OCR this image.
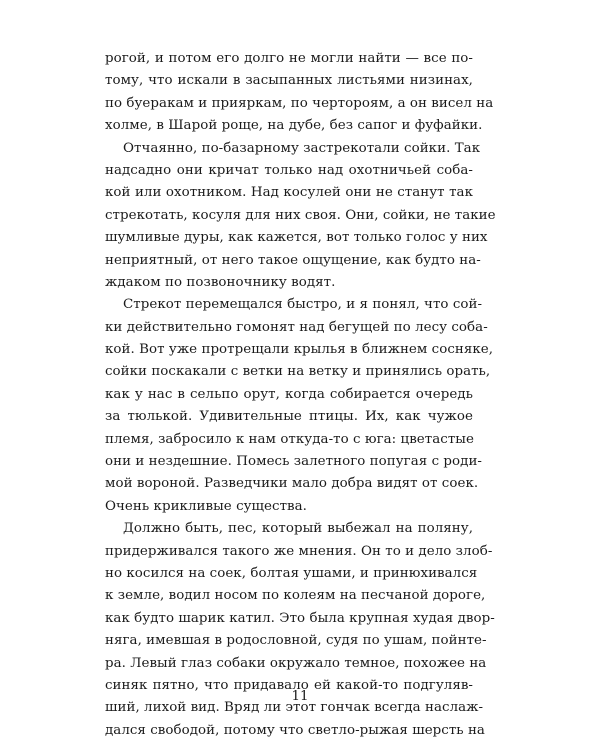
рогой, и потом его долго не могли найти — все по-
тому, что искали в засыпанных листьями низинах,
по буеракам и прияркам, по чертороям, а он висел на
холме, в Шарой роще, на дубе, без сапог и фуфайки.
Отчаянно, по-базарному застрекотали сойки. Так
надсадно они кричат только над охотничьей соба-
кой или охотником. Над косулей они не станут так
стрекотать, косуля для них своя. Они, сойки, не такие
шумливые дуры, как кажется, вот только голос у них
неприятный, от него такое ощущение, как будто на-
ждаком по позвоночнику водят.
Стрекот перемещался быстро, и я понял, что сой-
ки действительно гомонят над бегущей по лесу соба-
кой. Вот уже протрещали крылья в ближнем сосняке,
сойки поскакали с ветки на ветку и принялись орать,
как у нас в сельпо орут, когда собирается очередь
за тюлькой. Удивительные птицы. Их, как чужое
племя, забросило к нам откуда-то с юга: цветастые
они и нездешние. Помесь залетного попугая с роди-
мой вороной. Разведчики мало добра видят от соек.
Очень крикливые существа.
Должно быть, пес, который выбежал на поляну,
придерживался такого же мнения. Он то и дело злоб-
но косился на соек, болтая ушами, и принюхивался
к земле, водил носом по колеям на песчаной дороге,
как будто шарик катил. Это была крупная худая двор-
няга, имевшая в родословной, судя по ушам, пойнте-
ра. Левый глаз собаки окружало темное, похожее на
синяк пятно, что придавало ей какой-то подгуляв-
ший, лихой вид. Вряд ли этот гончак всегда наслаж-
дался свободой, потому что светло-рыжая шерсть на
11
